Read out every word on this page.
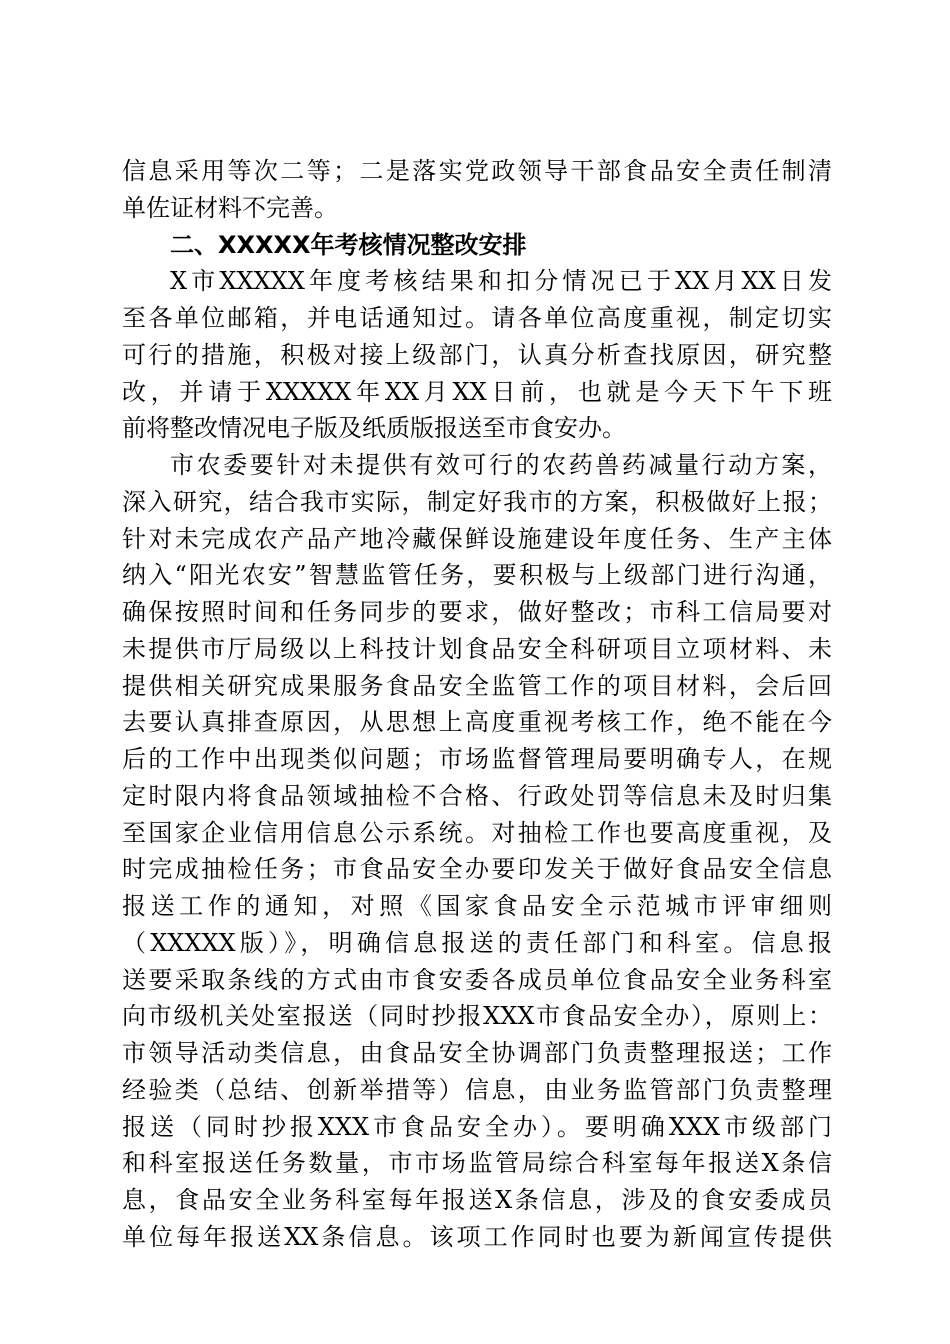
信息采用等次二等；二是落实党政领导干部食品安全责任制清
单佐证材料不完善。
二、XXXXX年考核情况整改安排
X市XXXXX年度考核结果和扣分情况已于XX月XX日发
至各单位邮箱，并电话通知过。请各单位高度重视，制定切实
可行的措施，积极对接上级部门，认真分析查找原因，研究整
改，并请于XXXXX年XX月XX日前，也就是今天下午下班
前将整改情况电子版及纸质版报送至市食安办。
市农委要针对未提供有效可行的农药兽药减量行动方案，
深入研究，结合我市实际，制定好我市的方案，积极做好上报；
针对未完成农产品产地冷藏保鲜设施建设年度任务、生产主体
纳入“阳光农安”智慧监管任务，要积极与上级部门进行沟通，
确保按照时间和任务同步的要求，做好整改；市科工信局要对
未提供市厅局级以上科技计划食品安全科研项目立项材料、未
提供相关研究成果服务食品安全监管工作的项目材料，会后回
去要认真排查原因，从思想上高度重视考核工作，绝不能在今
后的工作中出现类似问题；市场监督管理局要明确专人，在规
定时限内将食品领域抽检不合格、行政处罚等信息未及时归集
至国家企业信用信息公示系统。对抽检工作也要高度重视，及
时完成抽检任务；市食品安全办要印发关于做好食品安全信息
报送工作的通知，对照《国家食品安全示范城市评审细则
（XXXXX版）》，明确信息报送的责任部门和科室。信息报
送要采取条线的方式由市食安委各成员单位食品安全业务科室
向市级机关处室报送（同时抄报XXX市食品安全办），原则上：
市领导活动类信息，由食品安全协调部门负责整理报送；工作
经验类（总结、创新举措等）信息，由业务监管部门负责整理
报送（同时抄报XXX市食品安全办）。要明确XXX市级部门
和科室报送任务数量，市市场监管局综合科室每年报送X条信
息，食品安全业务科室每年报送X条信息，涉及的食安委成员
单位每年报送XX条信息。该项工作同时也要为新闻宣传提供
